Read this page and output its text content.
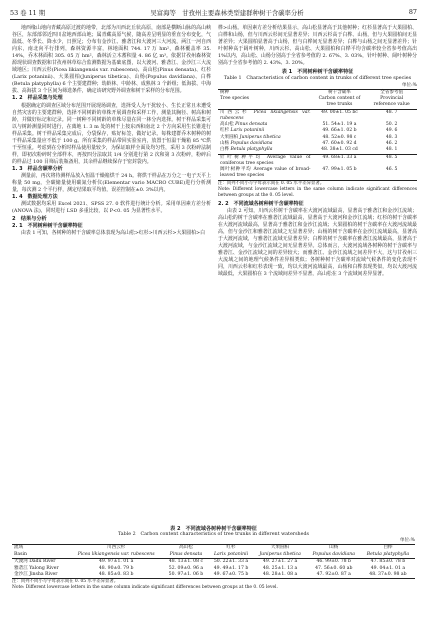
53 卷 11 期	吴富海等　甘孜州主要森林类型建群种树干含碳率分析	87

地西缘山地向青藏高原过渡的地带，北部为川西北丘状高原，南部是横断山脉的高山峡谷区，东部部邻近四川盆地西部山地；属青藏高原气候，随高差呈明显的垂直分布变化，气温低、冬季长、降水少，日照足；分布有金沙江、雅砻江和大渡河三大河流，两江一河自西向东，南北向平行排列，森林资源丰富，林地面积 744. 17 万 hm²，森林覆盖率 35. 14%，乔木林面积 305. 05 万 hm²，森林活立木蓄积量 4. 86 亿 m³。依据甘孜州森林资源现状调查数据和甘孜州林草综合监测数据为基础底图，以大渡河、雅砻江、金沙江三大流域地区；川西云杉(Picea likiangensis var. rubescens)、高山松(Pinus densata)、红杉(Larix potaninii)、大果圆柏(Juniperus tibetica)、山杨(Populus davidiana)、白桦(Betula platyphylla) 6 个主要建群种；幼龄林、中龄林、成熟林 3 个龄组；低海拔、中海拔、高海拔 3 个区间为筛选条件，确定该研究野外调查和树干采样的分布范围。

1. 2　样品采集与处理

根据确定的调查区域分布范围开展现场调查，选择受人为干扰较小、生长正常且未遭受自然灾害的主要建群种，选择不同树龄的单株开展调查和采样工作，测量其胸径、树高和树龄，并做好标记和记录。同一树种不同树龄的单株尽量在同一林分内选择。树干样品采集可以与树龄测量同时进行，在离地 1. 3 m 处的树干上按东西和南北 2 个方向采用生长锥进行样品采集。树干样品采集完成后，分袋保存，贴好标签，做好记录。每株建群乔木树种的树干样品采集量应不低于 100 g。所有采集的样品带回实验室内，放置于恒温干燥箱 85 ℃烘干至恒重。考虑到在分析时样品使用量较少，为保证取样全面及均匀性，采用 3 次粉碎法制样，即初次粉碎时全部样本，再按四分法取其 1/4 分别进行第 2 次和第 3 次粉碎，粉碎后的样品过 100 目筛后装瓶备用，其余样品继续保存于密封袋内。

1. 3　样品含碳率分析

测量前，再次将待测样品放入恒温干燥箱烘干 24 h。将烘干样品在万分之一电子天平上称量 50 mg，全碳储量使用碳氮分析仪(Elementar vario MACRO CUBE)进行分析测量，每次测 2 个平行样，测定结果取平均值，误差控制在±0. 3%以内。

1. 4　数据处理方法

测试数据均采用 Excel 2021、SPSS 27. 0 软件进行统计分析。采用单因素方差分析(ANOVA 法)，同时进行 LSD 多重比较，以 P<0. 05 为显著性水平。

2　结果与分析
2. 1　不同树种树干含碳率特征

由表 1 可知，各树种的树干含碳率总体表现为高山松>红杉>川西云杉>大果圆柏>白

桦>山杨。单因素方差分析结果显示，高山松显著高于其他树种；红杉显著高于大果圆柏、白桦和山杨，但与川西云杉间无显著差异；川西云杉高于白桦、山杨，但与大果圆柏间无显著差异；大果圆柏显著高于山杨，但与白桦间无显著差异；白桦与山杨之间无显著差异；针叶树种高于阔叶树种，川西云杉、高山松、大果圆柏和白桦平均含碳率较全省参考值高出 1%以内，高山松、山杨分别高于全省参考值的 2. 67%、3. 03%，针叶树种、阔叶树种分别高于全省参考值的 2. 43%、3. 20%。

表 1　不同树种树干含碳率特征
Table 1　Characteristics of carbon content in trunks of different tree species
单位:%
树种	树干含碳率	全省参考值
Tree species	Carbon content of tree trunks	Provincial reference value
川西云杉 Picea likiangensis var. rubescens	49. 00±1. 05 bc	48. 7
高山松 Pinus densata	51. 54±1. 19 a	50. 2
红杉 Larix potaninii	49. 66±1. 02 b	49. 6
大果圆柏 Juniperus tibetica	48. 52±0. 98 c	48. 3
山杨 Populus davidiana	47. 60±0. 92 d	46. 2
白桦 Betula platyphylla	48. 38±1. 03 cd	48. 1
针叶树种平均 Average value of coniferous tree species	49. 68±1. 33 a	48. 5
阔叶树种平均 Average value of broad-leaved tree species	47. 99±1. 05 b	46. 5

注：同列不同小写字母表示间在 0. 05 水平差异显著。

Note: Different lowercase letters in the same column indicate significant differences between groups at the 0. 05 level.

2. 2　不同流域各树种树干含碳率特征

由表 2 可知，川西云杉树干含碳率在大渡河流域最高，显著高于雅砻江和金沙江流域；高山松的树干含碳率在雅砻江流域最高，显著高于大渡河和金沙江流域；红杉的树干含碳率在大渡河流域最高，显著高于雅砻江和金沙江流域；大果圆柏的树干含碳率在大渡河流域最高，但与金沙江和雅砻江流域之无显著差异；山杨的树干含碳率在金沙江流域最高，显著高于大渡河流域，与雅砻江流域无显著差异；白桦的树干含碳率在雅砻江流域最高，显著高于大渡河流域，与金沙江流域之间无显著差异。总体而言，大渡河流域各树种的树干含碳率与雅砻江、金沙江流域之间的差异较大；而雅砻江、金沙江流域之间差异不大，这与甘孜州三大流域之间的地理气候条件差异相类似；各树种树干含碳率对流域气候条件的变化表现不同，川西云杉和红杉表现一致，均以大渡河流域最高，山杨和白桦表现类似，均以大渡河流域最低，大果圆柏在 3 个流域间差异不显著，高山松在 3 个流域间差异显著。

表 2　不同流域各树种树干含碳率特征
Table 2　Carbon content characteristics of tree trunks in different watersheds
单位:%
流域	川西云杉	高山松	红杉	大果圆柏	山杨	白桦
Basin	Picea likiangensis var. rubescens	Pinus densata	Larix potaninii	Juniperus tibetica	Populus davidiana	Betula platyphylla
大渡河 Dadu River	49. 97±1. 01 a	48. 13±1. 08 c	50. 22±1. 33 a	49. 27±1. 27 a	46. 99±0. 78 b	47. 85±0. 78 b
雅砻江 Yalong River	48. 90±0. 79 b	52. 09±0. 96 a	49. 49±1. 17 b	48. 25±1. 13 a	47. 56±0. 60 ab	49. 04±1. 01 a
金沙江 Jinsha River	48. 85±0. 83 b	50. 97±1. 06 b	49. 67±0. 75 b	48. 28±1. 08 a	47. 92±0. 87 a	48. 37±0. 98 ab

注：同列不同小写字母表示间在 0. 05 水平差异显著。

Note: Different lowercase letters in the same column indicate significant differences between groups at the 0. 05 level.
